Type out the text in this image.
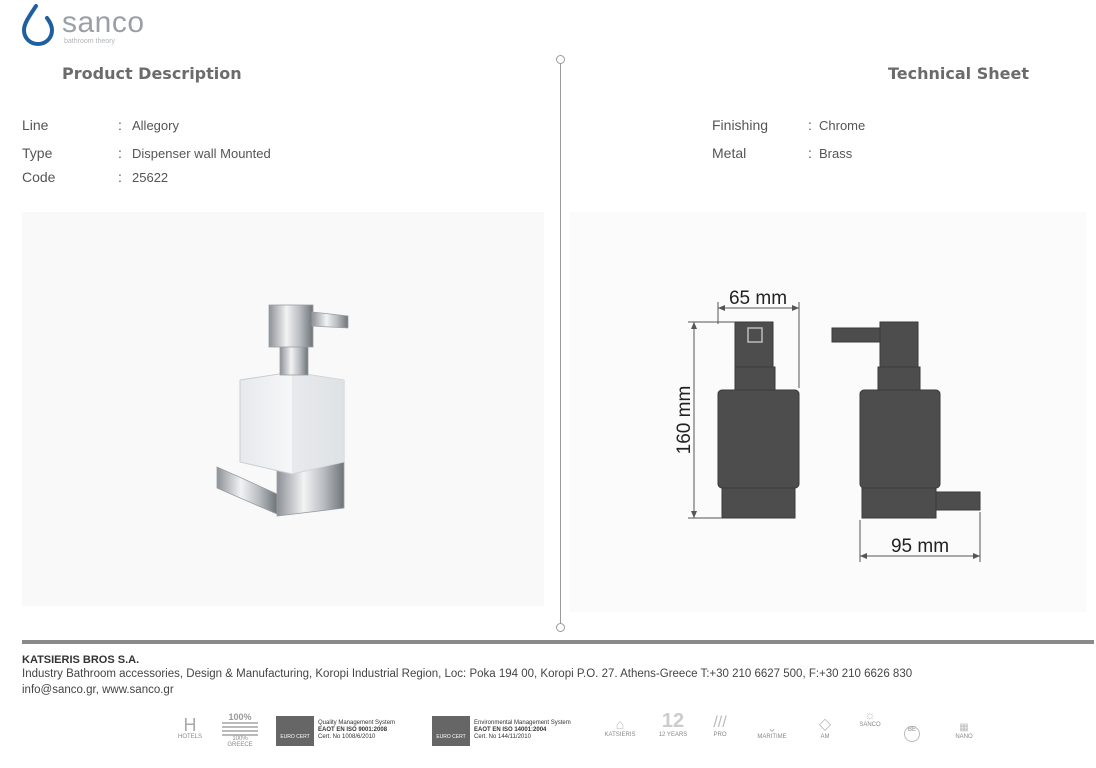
sanco
bathroom theory
Product Description	Technical Sheet
Line	: Allegory
Type	: Dispenser wall Mounted
Code	: 25622
Finishing	: Chrome
Metal	: Brass
65 mm
160 mm
95 mm
KATSIERIS BROS S.A.
Industry Bathroom accessories, Design & Manufacturing, Koropi Industrial Region, Loc: Poka 194 00, Koropi P.O. 27. Athens-Greece T:+30 210 6627 500, F:+30 210 6626 830
info@sanco.gr, www.sanco.gr
H
HOTELS
100%
100% GREECE
EURO CERT
Quality Management System
EAOT EN ISO 9001:2008
Cert. No 1008/6/2010	EURO CERT
Environmental Management System
EAOT EN ISO 14001:2004
Cert. No 144/11/2010
⌂
KATSIERIS
12
12 YEARS
///
PRO	⌄
MARITIME
◇
AM
☼
SANCO
BE	▦
NANO
